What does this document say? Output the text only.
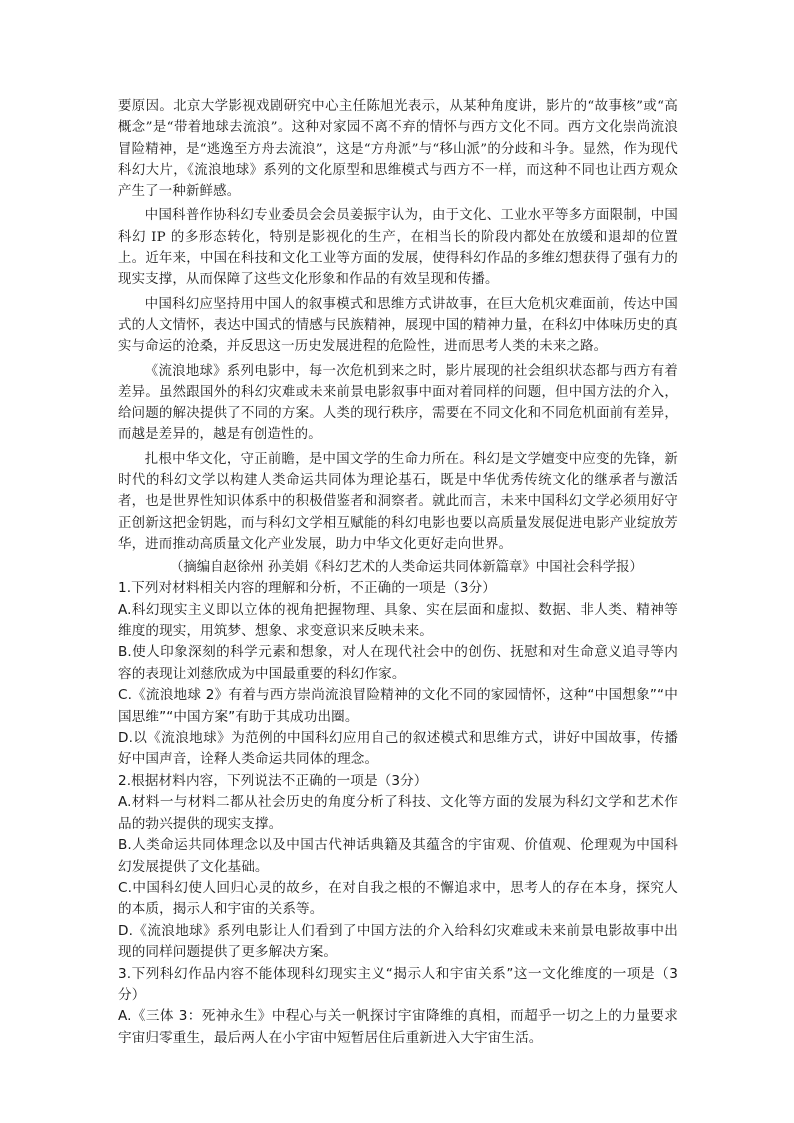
要原因。北京大学影视戏剧研究中心主任陈旭光表示，从某种角度讲，影片的“故事核”或“高概念”是“带着地球去流浪”。这种对家园不离不弃的情怀与西方文化不同。西方文化崇尚流浪冒险精神，是“逃逸至方舟去流浪”，这是“方舟派”与“移山派”的分歧和斗争。显然，作为现代科幻大片，《流浪地球》系列的文化原型和思维模式与西方不一样，而这种不同也让西方观众产生了一种新鲜感。

中国科普作协科幻专业委员会会员姜振宇认为，由于文化、工业水平等多方面限制，中国科幻 IP 的多形态转化，特别是影视化的生产，在相当长的阶段内都处在放缓和退却的位置上。近年来，中国在科技和文化工业等方面的发展，使得科幻作品的多维幻想获得了强有力的现实支撑，从而保障了这些文化形象和作品的有效呈现和传播。

中国科幻应坚持用中国人的叙事模式和思维方式讲故事，在巨大危机灾难面前，传达中国式的人文情怀，表达中国式的情感与民族精神，展现中国的精神力量，在科幻中体味历史的真实与命运的沧桑，并反思这一历史发展进程的危险性，进而思考人类的未来之路。

《流浪地球》系列电影中，每一次危机到来之时，影片展现的社会组织状态都与西方有着差异。虽然跟国外的科幻灾难或未来前景电影叙事中面对着同样的问题，但中国方法的介入，给问题的解决提供了不同的方案。人类的现行秩序，需要在不同文化和不同危机面前有差异，而越是差异的，越是有创造性的。

扎根中华文化，守正前瞻，是中国文学的生命力所在。科幻是文学嬗变中应变的先锋，新时代的科幻文学以构建人类命运共同体为理论基石，既是中华优秀传统文化的继承者与激活者，也是世界性知识体系中的积极借鉴者和洞察者。就此而言，未来中国科幻文学必须用好守正创新这把金钥匙，而与科幻文学相互赋能的科幻电影也要以高质量发展促进电影产业绽放芳华，进而推动高质量文化产业发展，助力中华文化更好走向世界。

（摘编自赵徐州 孙美娟《科幻艺术的人类命运共同体新篇章》中国社会科学报）

1.下列对材料相关内容的理解和分析，不正确的一项是（3分）

A.科幻现实主义即以立体的视角把握物理、具象、实在层面和虚拟、数据、非人类、精神等维度的现实，用筑梦、想象、求变意识来反映未来。

B.使人印象深刻的科学元素和想象，对人在现代社会中的创伤、抚慰和对生命意义追寻等内容的表现让刘慈欣成为中国最重要的科幻作家。

C.《流浪地球 2》有着与西方崇尚流浪冒险精神的文化不同的家园情怀，这种“中国想象”“中国思维”“中国方案”有助于其成功出圈。

D.以《流浪地球》为范例的中国科幻应用自己的叙述模式和思维方式，讲好中国故事，传播好中国声音，诠释人类命运共同体的理念。

2.根据材料内容，下列说法不正确的一项是（3分）

A.材料一与材料二都从社会历史的角度分析了科技、文化等方面的发展为科幻文学和艺术作品的勃兴提供的现实支撑。

B.人类命运共同体理念以及中国古代神话典籍及其蕴含的宇宙观、价值观、伦理观为中国科幻发展提供了文化基础。

C.中国科幻使人回归心灵的故乡，在对自我之根的不懈追求中，思考人的存在本身，探究人的本质，揭示人和宇宙的关系等。

D.《流浪地球》系列电影让人们看到了中国方法的介入给科幻灾难或未来前景电影故事中出现的同样问题提供了更多解决方案。

3.下列科幻作品内容不能体现科幻现实主义“揭示人和宇宙关系”这一文化维度的一项是（3分）

A.《三体 3：死神永生》中程心与关一帆探讨宇宙降维的真相，而超乎一切之上的力量要求宇宙归零重生，最后两人在小宇宙中短暂居住后重新进入大宇宙生活。
